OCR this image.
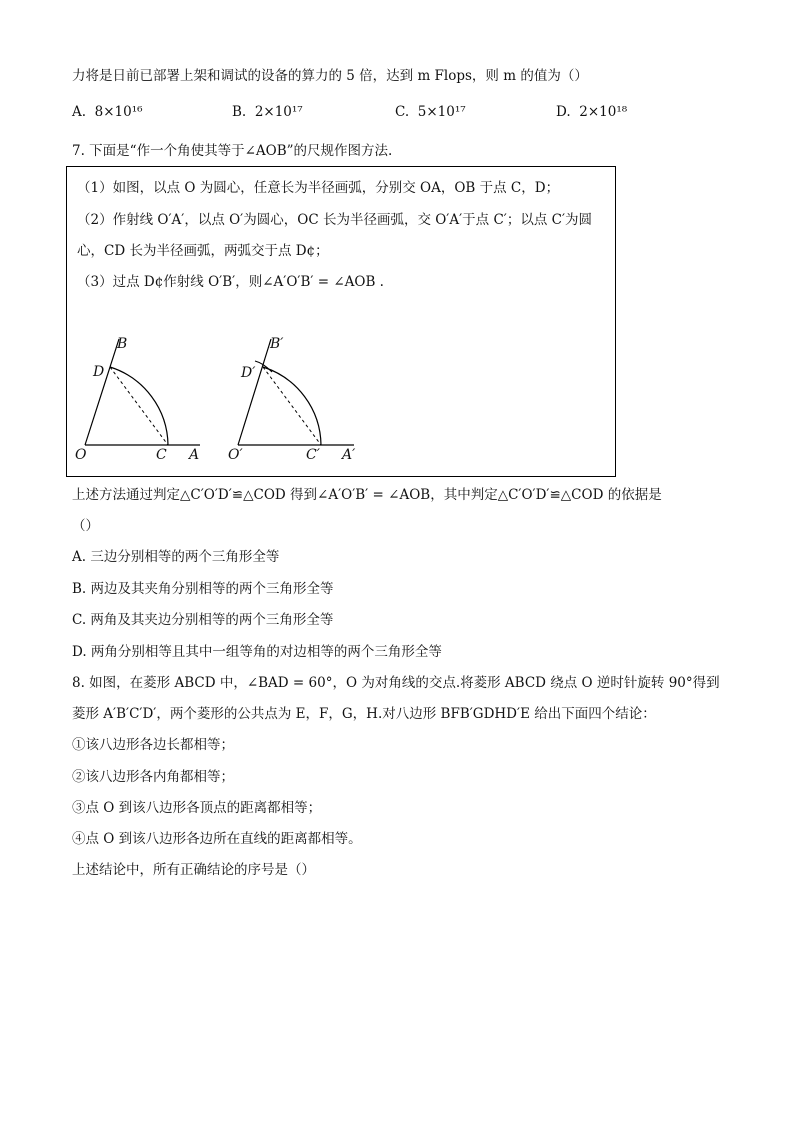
力将是日前已部署上架和调试的设备的算力的 5 倍，达到 m Flops，则 m 的值为（）
A. 8×10¹⁶	B. 2×10¹⁷	C. 5×10¹⁷	D. 2×10¹⁸
7. 下面是“作一个角使其等于∠AOB”的尺规作图方法.
（1）如图，以点 O 为圆心，任意长为半径画弧，分别交 OA，OB 于点 C，D；
（2）作射线 O′A′，以点 O′为圆心，OC 长为半径画弧，交 O′A′于点 C′；以点 C′为圆
心，CD 长为半径画弧，两弧交于点 D¢；
（3）过点 D¢作射线 O′B′，则∠A′O′B′ = ∠AOB .
B
D
O	C A
B′
D′
O′	C′ A′
上述方法通过判定△C′O′D′≌△COD 得到∠A′O′B′ = ∠AOB，其中判定△C′O′D′≌△COD 的依据是
（）
A. 三边分别相等的两个三角形全等
B. 两边及其夹角分别相等的两个三角形全等
C. 两角及其夹边分别相等的两个三角形全等
D. 两角分别相等且其中一组等角的对边相等的两个三角形全等
8. 如图，在菱形 ABCD 中，∠BAD = 60°，O 为对角线的交点.将菱形 ABCD 绕点 O 逆时针旋转 90°得到
菱形 A′B′C′D′，两个菱形的公共点为 E，F，G，H.对八边形 BFB′GDHD′E 给出下面四个结论：
①该八边形各边长都相等；
②该八边形各内角都相等；
③点 O 到该八边形各顶点的距离都相等；
④点 O 到该八边形各边所在直线的距离都相等。
上述结论中，所有正确结论的序号是（）
